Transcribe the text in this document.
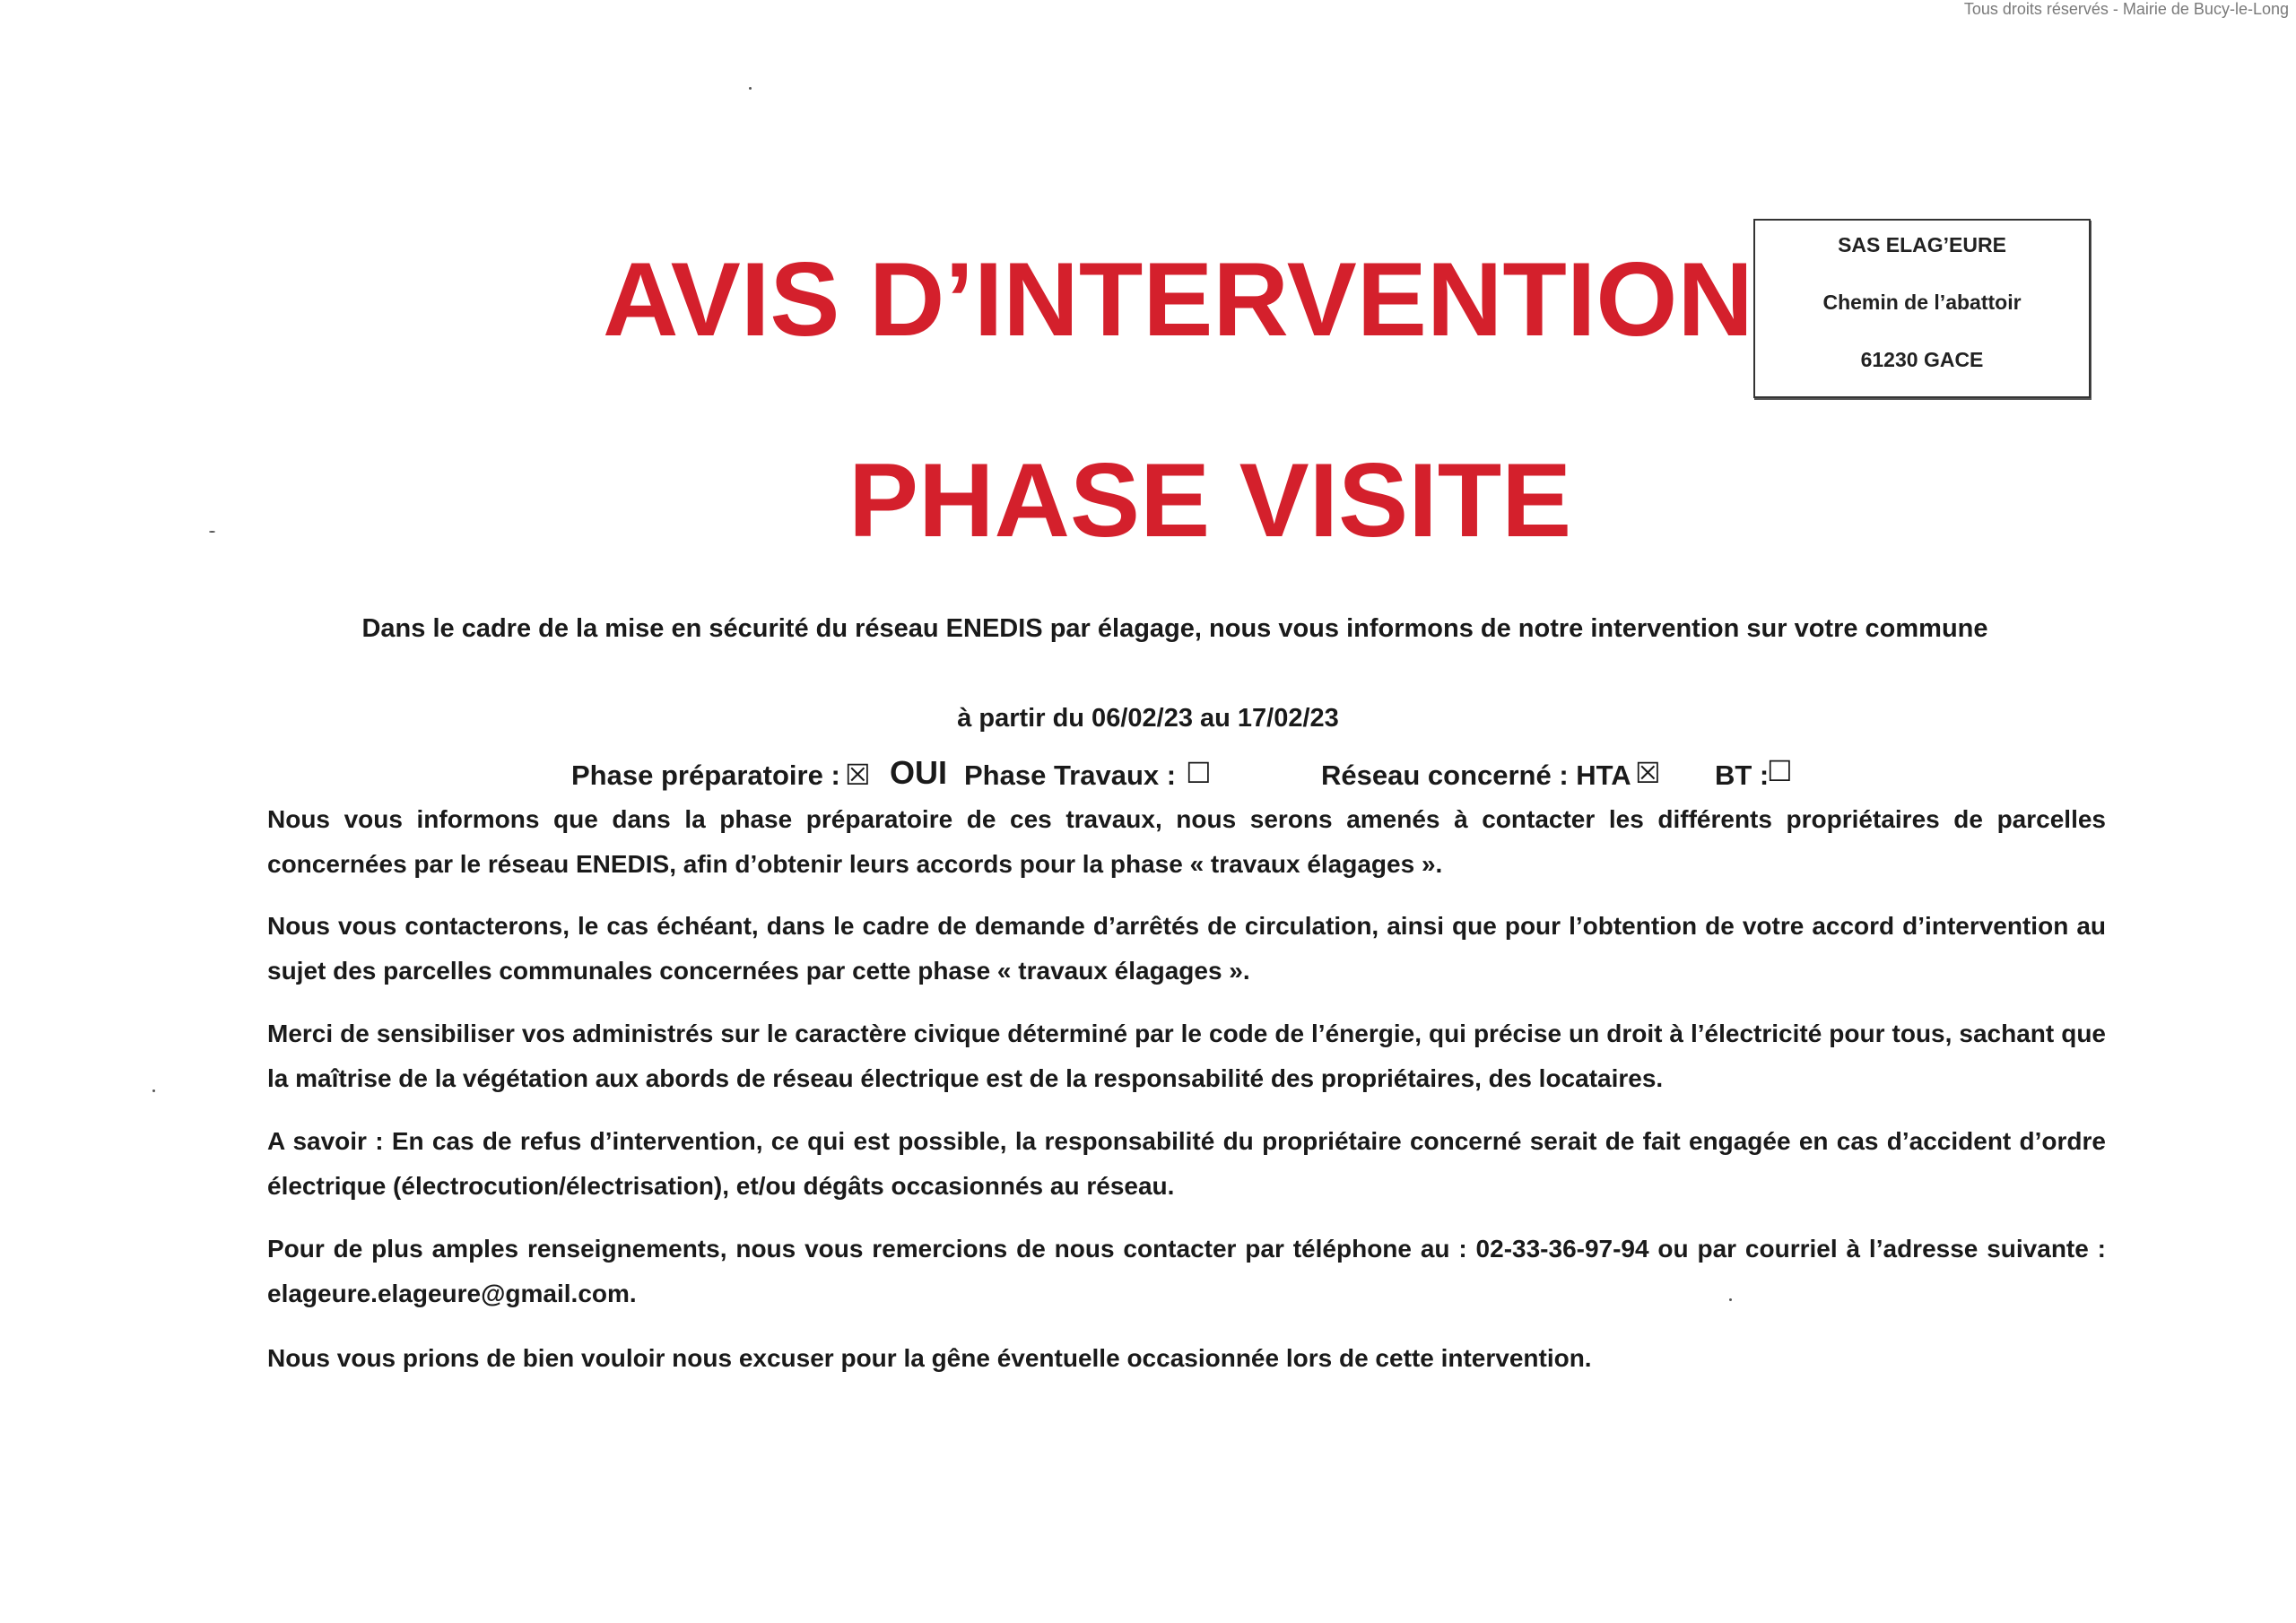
Tous droits réservés - Mairie de Bucy-le-Long
AVIS D’INTERVENTION
PHASE VISITE
SAS ELAG’EURE
Chemin de l’abattoir
61230 GACE
Dans le cadre de la mise en sécurité du réseau ENEDIS par élagage, nous vous informons de notre intervention sur votre commune
à partir du 06/02/23 au 17/02/23
Phase préparatoire : ☒ OUI Phase Travaux : ☐	Réseau concerné : HTA ☒ BT :
☐
Nous vous informons que dans la phase préparatoire de ces travaux, nous serons amenés à contacter les différents propriétaires de parcelles concernées par le réseau ENEDIS, afin d’obtenir leurs accords pour la phase « travaux élagages ».
Nous vous contacterons, le cas échéant, dans le cadre de demande d’arrêtés de circulation, ainsi que pour l’obtention de votre accord d’intervention au sujet des parcelles communales concernées par cette phase « travaux élagages ».
Merci de sensibiliser vos administrés sur le caractère civique déterminé par le code de l’énergie, qui précise un droit à l’électricité pour tous, sachant que la maîtrise de la végétation aux abords de réseau électrique est de la responsabilité des propriétaires, des locataires.
A savoir : En cas de refus d’intervention, ce qui est possible, la responsabilité du propriétaire concerné serait de fait engagée en cas d’accident d’ordre électrique (électrocution/électrisation), et/ou dégâts occasionnés au réseau.
Pour de plus amples renseignements, nous vous remercions de nous contacter par téléphone au : 02-33-36-97-94 ou par courriel à l’adresse suivante : elageure.elageure@gmail.com.
Nous vous prions de bien vouloir nous excuser pour la gêne éventuelle occasionnée lors de cette intervention.
